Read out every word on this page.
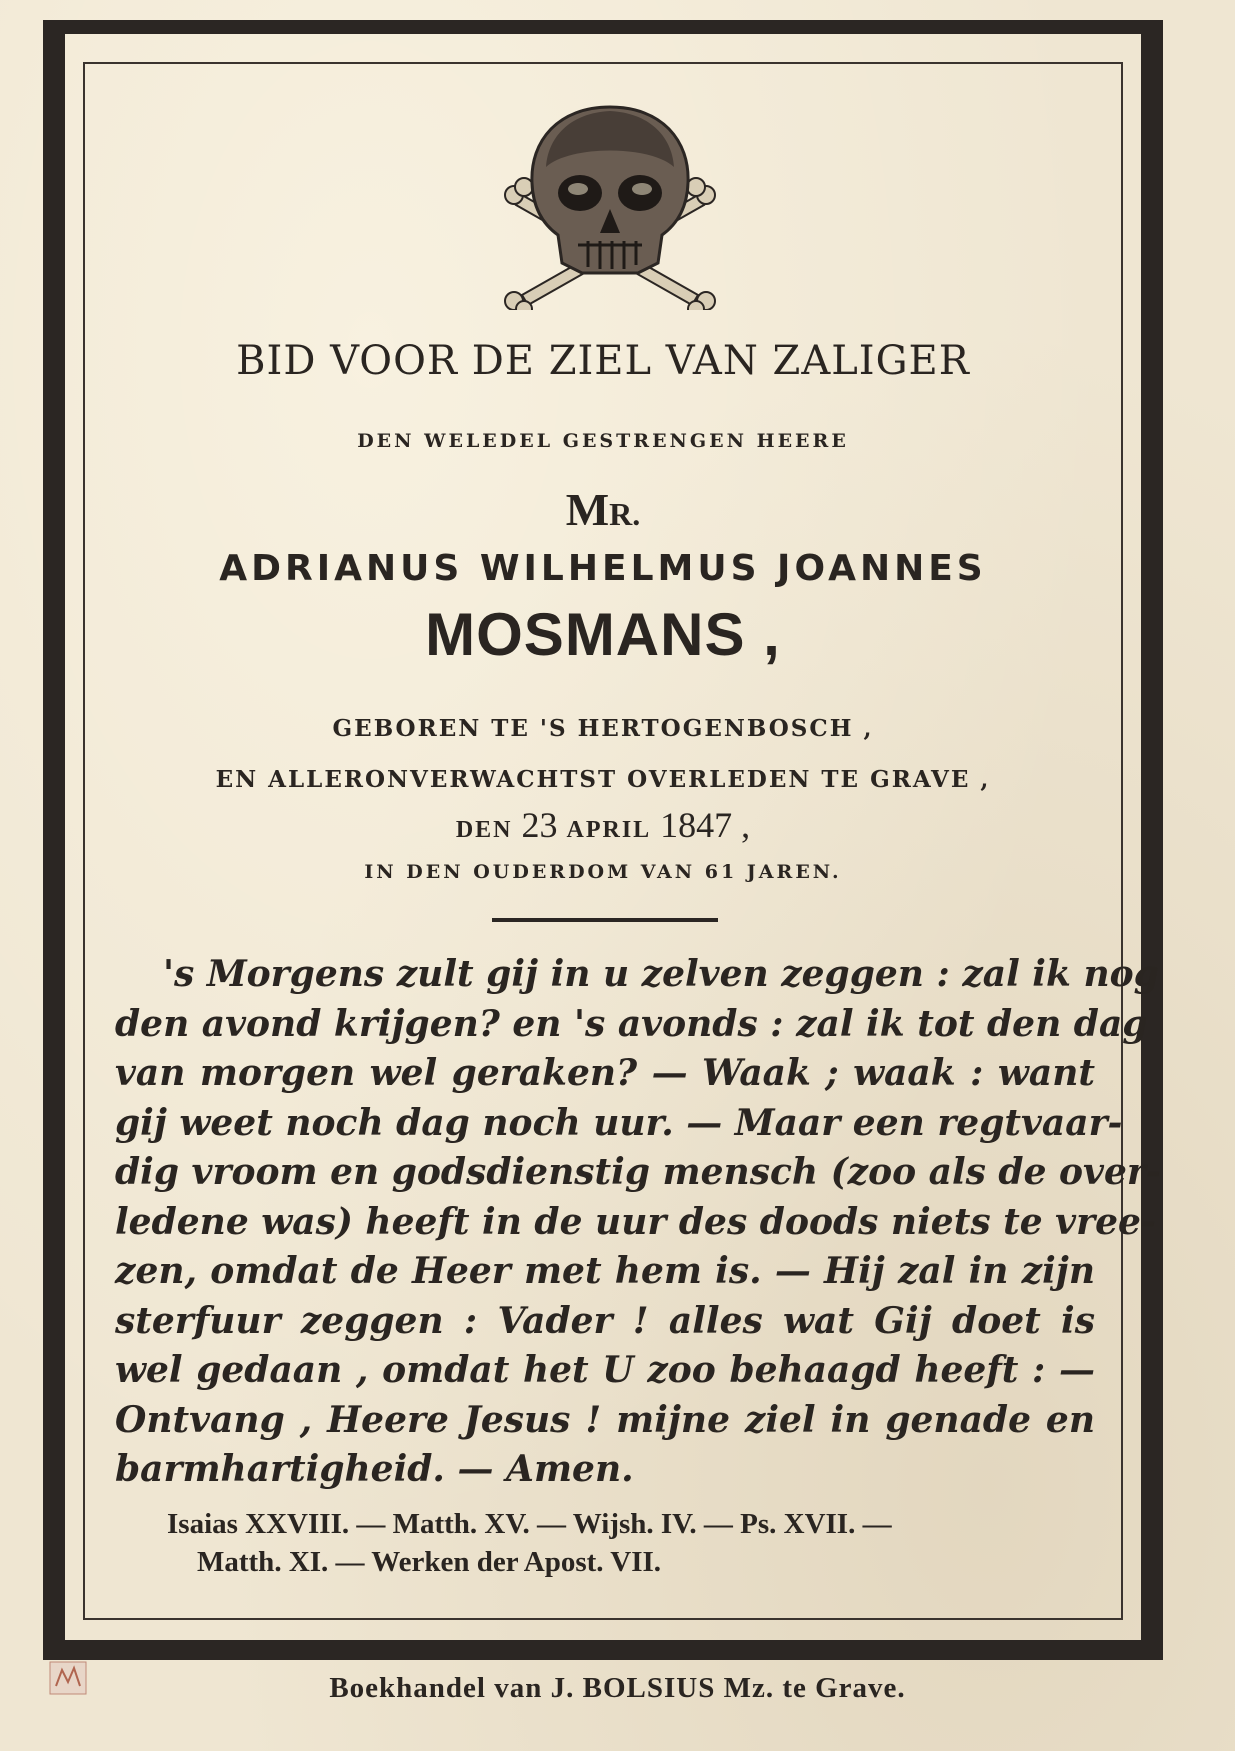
BID VOOR DE ZIEL VAN ZALIGER
DEN WELEDEL GESTRENGEN HEERE
MR.
ADRIANUS WILHELMUS JOANNES
MOSMANS ,
GEBOREN TE 'S HERTOGENBOSCH ,
EN ALLERONVERWACHTST OVERLEDEN TE GRAVE ,
DEN 23 APRIL 1847 ,
IN DEN OUDERDOM VAN 61 JAREN.
's Morgens zult gij in u zelven zeggen : zal ik nog
den avond krijgen? en 's avonds : zal ik tot den dag
van morgen wel geraken? — Waak ; waak : want
gij weet noch dag noch uur. — Maar een regtvaar-
dig vroom en godsdienstig mensch (zoo als de over-
ledene was) heeft in de uur des doods niets te vree-
zen, omdat de Heer met hem is. — Hij zal in zijn
sterfuur zeggen : Vader ! alles wat Gij doet is
wel gedaan , omdat het U zoo behaagd heeft : —
Ontvang , Heere Jesus ! mijne ziel in genade en
barmhartigheid. — Amen.
Isaias XXVIII. — Matth. XV. — Wijsh. IV. — Ps. XVII. —
Matth. XI. — Werken der Apost. VII.
Boekhandel van J. BOLSIUS Mz. te Grave.
